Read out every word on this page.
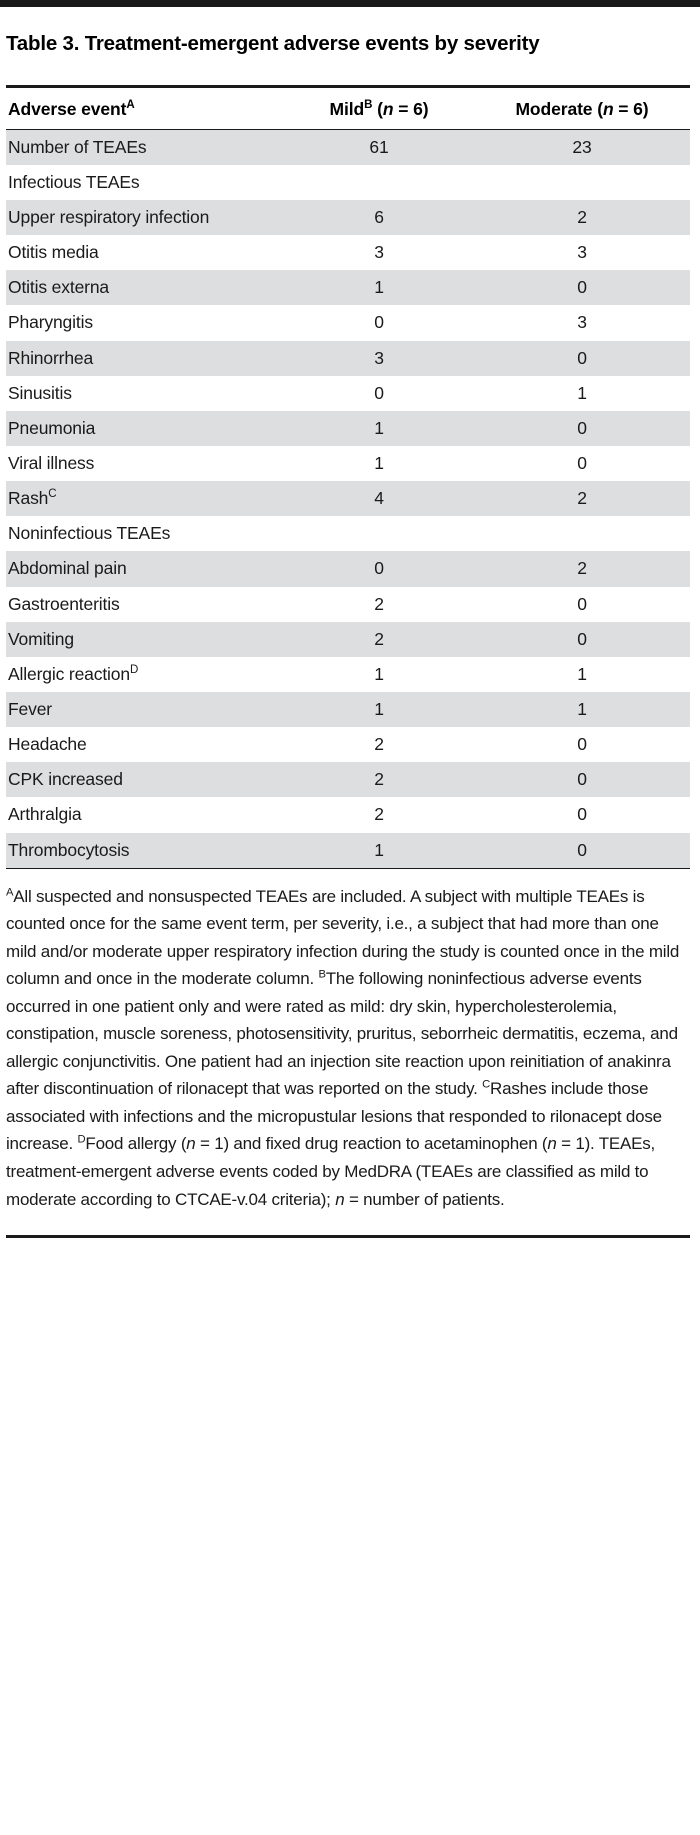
Table 3. Treatment-emergent adverse events by severity
Adverse event$^A$	Mild$^B$ (n = 6)	Moderate (n = 6)
Number of TEAEs	61	23
Infectious TEAEs		
Upper respiratory infection	6	2
Otitis media	3	3
Otitis externa	1	0
Pharyngitis	0	3
Rhinorrhea	3	0
Sinusitis	0	1
Pneumonia	1	0
Viral illness	1	0
Rash$^C$	4	2
Noninfectious TEAEs		
Abdominal pain	0	2
Gastroenteritis	2	0
Vomiting	2	0
Allergic reaction$^D$	1	1
Fever	1	1
Headache	2	0
CPK increased	2	0
Arthralgia	2	0
Thrombocytosis	1	0
$^A$All suspected and nonsuspected TEAEs are included. A subject with multiple TEAEs is counted once for the same event term, per severity, i.e., a subject that had more than one mild and/or moderate upper respiratory infection during the study is counted once in the mild column and once in the moderate column. $^B$The following noninfectious adverse events occurred in one patient only and were rated as mild: dry skin, hypercholesterolemia, constipation, muscle soreness, photosensitivity, pruritus, seborrheic dermatitis, eczema, and allergic conjunctivitis. One patient had an injection site reaction upon reinitiation of anakinra after discontinuation of rilonacept that was reported on the study. $^C$Rashes include those associated with infections and the micropustular lesions that responded to rilonacept dose increase. $^D$Food allergy (n = 1) and fixed drug reaction to acetaminophen (n = 1). TEAEs, treatment-emergent adverse events coded by MedDRA (TEAEs are classified as mild to moderate according to CTCAE-v.04 criteria); n = number of patients.
